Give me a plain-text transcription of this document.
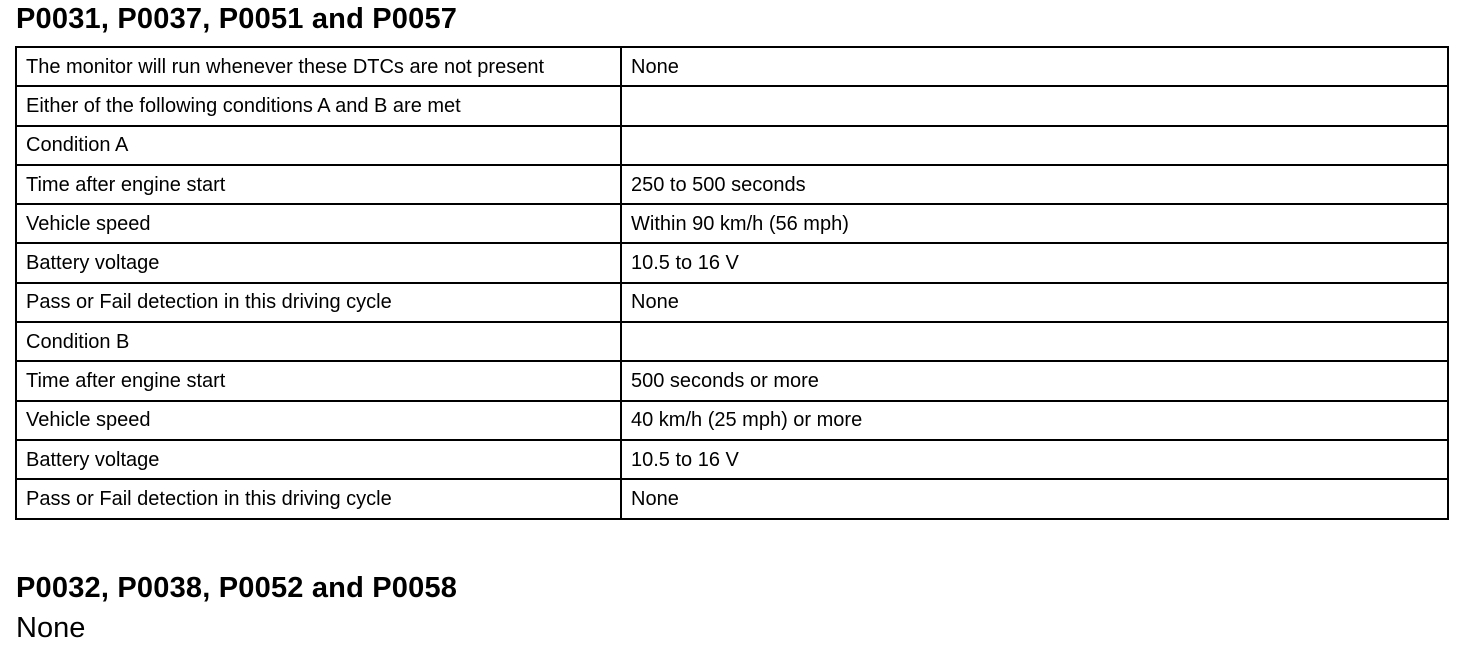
P0031, P0037, P0051 and P0057
The monitor will run whenever these DTCs are not present	None
Either of the following conditions A and B are met	
Condition A	
Time after engine start	250 to 500 seconds
Vehicle speed	Within 90 km/h (56 mph)
Battery voltage	10.5 to 16 V
Pass or Fail detection in this driving cycle	None
Condition B	
Time after engine start	500 seconds or more
Vehicle speed	40 km/h (25 mph) or more
Battery voltage	10.5 to 16 V
Pass or Fail detection in this driving cycle	None
P0032, P0038, P0052 and P0058
None
